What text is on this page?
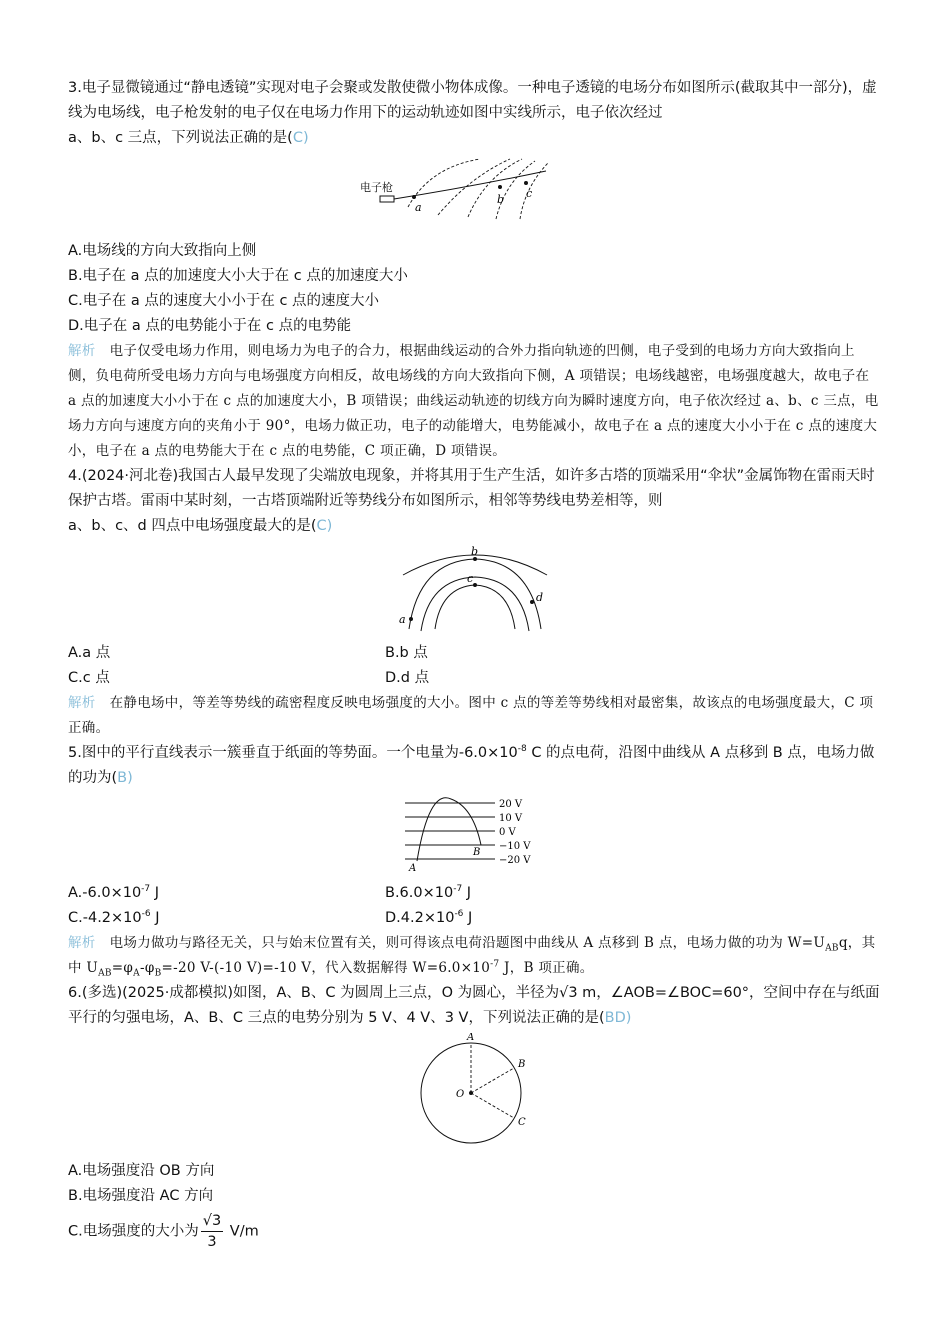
3.电子显微镜通过“静电透镜”实现对电子会聚或发散使微小物体成像。一种电子透镜的电场分布如图所示(截取其中一部分)，虚线为电场线，电子枪发射的电子仅在电场力作用下的运动轨迹如图中实线所示，电子依次经过
a、b、c 三点，下列说法正确的是(C)

电子枪
a
b c

A.电场线的方向大致指向上侧

B.电子在 a 点的加速度大小大于在 c 点的加速度大小

C.电子在 a 点的速度大小小于在 c 点的速度大小

D.电子在 a 点的电势能小于在 c 点的电势能

解析 电子仅受电场力作用，则电场力为电子的合力，根据曲线运动的合外力指向轨迹的凹侧，电子受到的电场力方向大致指向上侧，负电荷所受电场力方向与电场强度方向相反，故电场线的方向大致指向下侧，A 项错误；电场线越密，电场强度越大，故电子在 a 点的加速度大小小于在 c 点的加速度大小，B 项错误；曲线运动轨迹的切线方向为瞬时速度方向，电子依次经过 a、b、c 三点，电场力方向与速度方向的夹角小于 90°，电场力做正功，电子的动能增大，电势能减小，故电子在 a 点的速度大小小于在 c 点的速度大小，电子在 a 点的电势能大于在 c 点的电势能，C 项正确，D 项错误。

4.(2024·河北卷)我国古人最早发现了尖端放电现象，并将其用于生产生活，如许多古塔的顶端采用“伞状”金属饰物在雷雨天时保护古塔。雷雨中某时刻，一古塔顶端附近等势线分布如图所示，相邻等势线电势差相等，则
a、b、c、d 四点中电场强度最大的是(C)

a
b
c
d
A.a 点	B.b 点
C.c 点	D.d 点

解析 在静电场中，等差等势线的疏密程度反映电场强度的大小。图中 c 点的等差等势线相对最密集，故该点的电场强度最大，C 项正确。

5.图中的平行直线表示一簇垂直于纸面的等势面。一个电量为$-6.0\times 10^{-8}$ C 的点电荷，沿图中曲线从 A 点移到 B 点，电场力做的功为(B)

20 V
10 V
0 V
−10 V
−20 V
A
B
$A.-6.0\times 10^{-7}$ J	$B.6.0\times 10^{-7}$ J
$C.-4.2\times 10^{-6}$ J	$D.4.2\times 10^{-6}$ J

解析 电场力做功与路径无关，只与始末位置有关，则可得该点电荷沿题图中曲线从 A 点移到 B 点，电场力做的功为 $W=U_{AB}q$，其中 $U_{AB}=\varphi_A-\varphi_B=-20$ V-(-10 V)=-10 V，代入数据解得 $W=6.0\times 10^{-7}$ J，B 项正确。

6.(多选)(2025·成都模拟)如图，A、B、C 为圆周上三点，O 为圆心，半径为√3 m，∠AOB=∠BOC=60°，空间中存在与纸面平行的匀强电场，A、B、C 三点的电势分别为 5 V、4 V、3 V，下列说法正确的是(BD)

A
B
O
C

A.电场强度沿 OB 方向

B.电场强度沿 AC 方向

C.电场强度的大小为 $\frac{√3}{3} V/m$
